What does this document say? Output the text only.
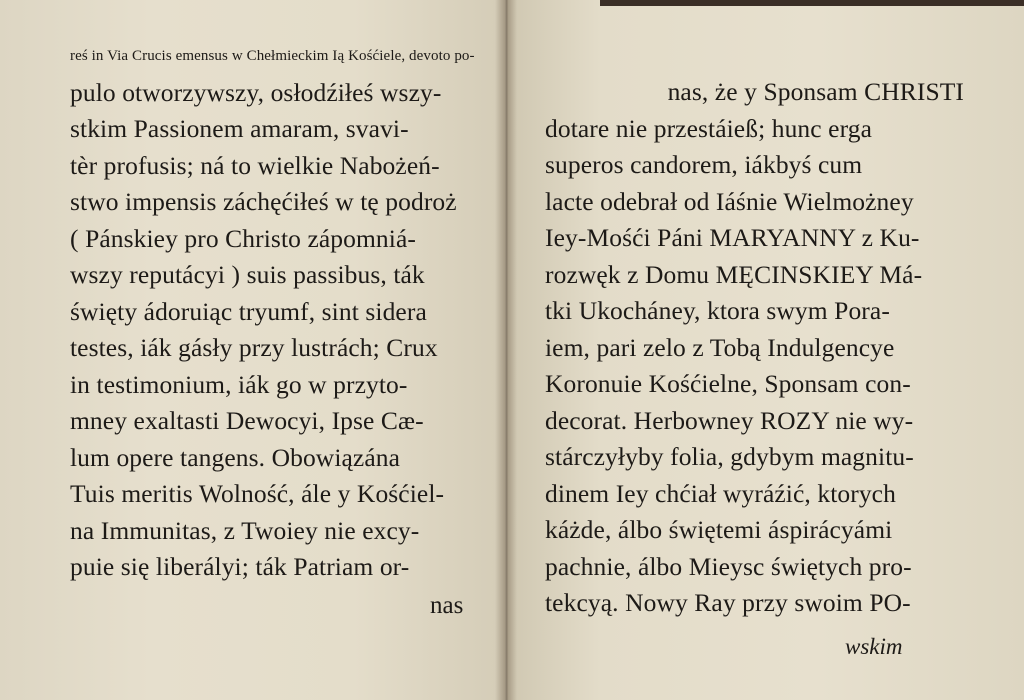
reś in Via Crucis emensus w Chełmieckim Ią Kośćiele, devoto po-
pulo otworzywszy, osłodźiłeś wszy-
stkim Passionem amaram, svavi-
tèr profusis; ná to wielkie Nabożeń-
stwo impensis záchęćiłeś w tę podroż
( Pánskiey pro Christo zápomniá-
wszy reputácyi ) suis passibus, ták
święty ádoruiąc tryumf, sint sidera
testes, iák gásły przy lustrách; Crux
in testimonium, iák go w przyto-
mney exaltasti Dewocyi, Ipse Cæ-
lum opere tangens. Obowiązána
Tuis meritis Wolność, ále y Kośćiel-
na Immunitas, z Twoiey nie excy-
puie się liberályi; ták Patriam or-
nas
nas, że y Sponsam CHRISTI
dotare nie przestáieß; hunc erga
superos candorem, iákbyś cum
lacte odebrał od Iáśnie Wielmożney
Iey-Mośći Páni MARYANNY z Ku-
rozwęk z Domu MĘCINSKIEY Má-
tki Ukocháney, ktora swym Pora-
iem, pari zelo z Tobą Indulgencye
Koronuie Kośćielne, Sponsam con-
decorat. Herbowney ROZY nie wy-
stárczyłyby folia, gdybym magnitu-
dinem Iey chćiał wyráźić, ktorych
káżde, álbo świętemi áspirácyámi
pachnie, álbo Mieysc świętych pro-
tekcyą. Nowy Ray przy swoim PO-
wskim
